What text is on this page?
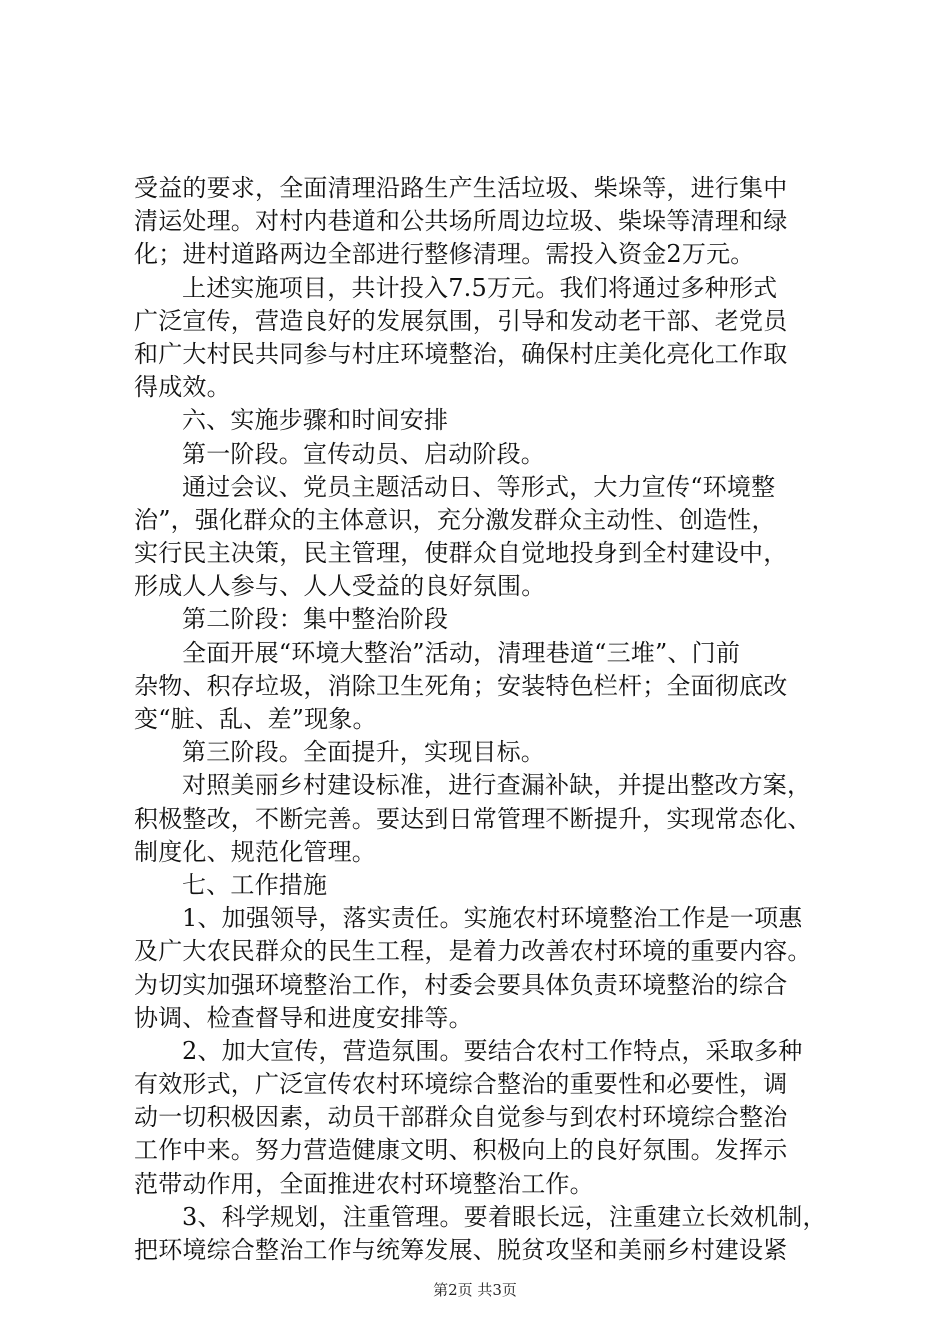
受益的要求，全面清理沿路生产生活垃圾、柴垛等，进行集中
清运处理。对村内巷道和公共场所周边垃圾、柴垛等清理和绿
化；进村道路两边全部进行整修清理。需投入资金2万元。
上述实施项目，共计投入7.5万元。我们将通过多种形式
广泛宣传，营造良好的发展氛围，引导和发动老干部、老党员
和广大村民共同参与村庄环境整治，确保村庄美化亮化工作取
得成效。
六、实施步骤和时间安排
第一阶段。宣传动员、启动阶段。
通过会议、党员主题活动日、等形式，大力宣传“环境整
治”，强化群众的主体意识，充分激发群众主动性、创造性，
实行民主决策，民主管理，使群众自觉地投身到全村建设中，
形成人人参与、人人受益的良好氛围。
第二阶段：集中整治阶段
全面开展“环境大整治”活动，清理巷道“三堆”、门前
杂物、积存垃圾，消除卫生死角；安装特色栏杆；全面彻底改
变“脏、乱、差”现象。
第三阶段。全面提升，实现目标。
对照美丽乡村建设标准，进行查漏补缺，并提出整改方案，
积极整改，不断完善。要达到日常管理不断提升，实现常态化、
制度化、规范化管理。
七、工作措施
1、加强领导，落实责任。实施农村环境整治工作是一项惠
及广大农民群众的民生工程，是着力改善农村环境的重要内容。
为切实加强环境整治工作，村委会要具体负责环境整治的综合
协调、检查督导和进度安排等。
2、加大宣传，营造氛围。要结合农村工作特点，采取多种
有效形式，广泛宣传农村环境综合整治的重要性和必要性，调
动一切积极因素，动员干部群众自觉参与到农村环境综合整治
工作中来。努力营造健康文明、积极向上的良好氛围。发挥示
范带动作用，全面推进农村环境整治工作。
3、科学规划，注重管理。要着眼长远，注重建立长效机制，
把环境综合整治工作与统筹发展、脱贫攻坚和美丽乡村建设紧
第2页 共3页
